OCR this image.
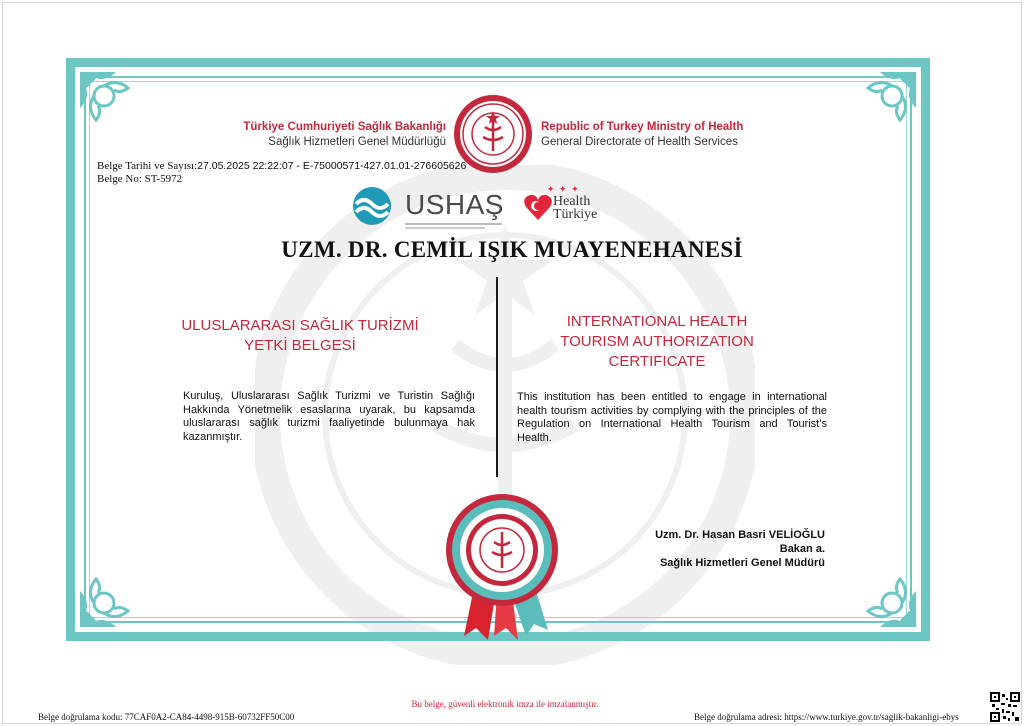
Türkiye Cumhuriyeti Sağlık Bakanlığı
Sağlık Hizmetleri Genel Müdürlüğü
Republic of Turkey Ministry of Health
General Directorate of Health Services
Belge Tarihi ve Sayısı:27.05.2025 22:22:07 - E-75000571-427.01.01-276605626
Belge No: ST-5972
USHAŞ	✦ ✦ ✦
Health
Türkiye
UZM. DR. CEMİL IŞIK MUAYENEHANESİ
ULUSLARARASI SAĞLIK TURİZMİ
YETKİ BELGESİ
Kuruluş, Uluslararası Sağlık Turizmi ve Turistin Sağlığı Hakkında Yönetmelik esaslarına uyarak, bu kapsamda uluslararası sağlık turizmi faaliyetinde bulunmaya hak kazanmıştır.
INTERNATIONAL HEALTH
TOURISM AUTHORIZATION
CERTIFICATE
This institution has been entitled to engage in international health tourism activities by complying with the principles of the Regulation on International Health Tourism and Tourist’s Health.
Uzm. Dr. Hasan Basri VELİOĞLU
Bakan a.
Sağlık Hizmetleri Genel Müdürü
Bu belge, güvenli elektronik imza ile imzalanmıştır.
Belge doğrulama kodu: 77CAF0A2-CA84-4498-915B-60732FF50C00	Belge doğrulama adresi: https://www.turkiye.gov.tr/saglik-bakanligi-ebys
